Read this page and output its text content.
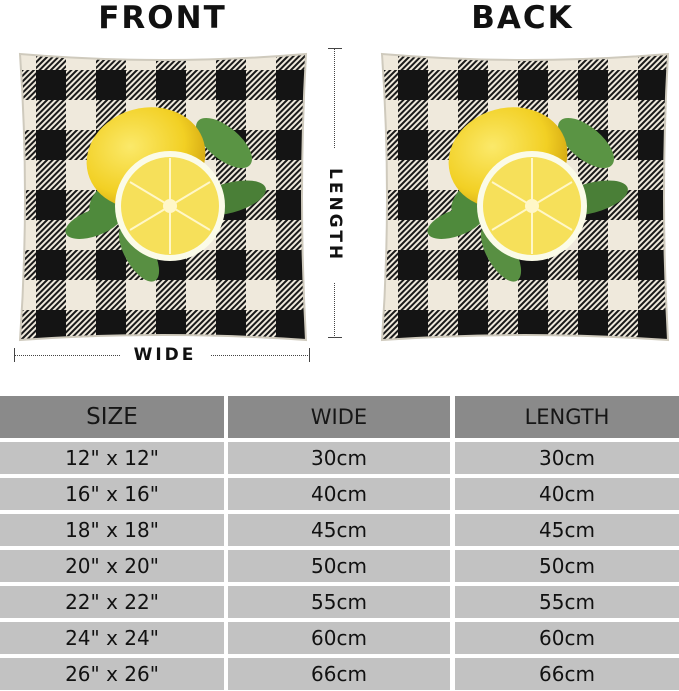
FRONT	BACK
LENGTH
WIDE
SIZE	WIDE	LENGTH
12" x 12"	30cm	30cm
16" x 16"	40cm	40cm
18" x 18"	45cm	45cm
20" x 20"	50cm	50cm
22" x 22"	55cm	55cm
24" x 24"	60cm	60cm
26" x 26"	66cm	66cm
